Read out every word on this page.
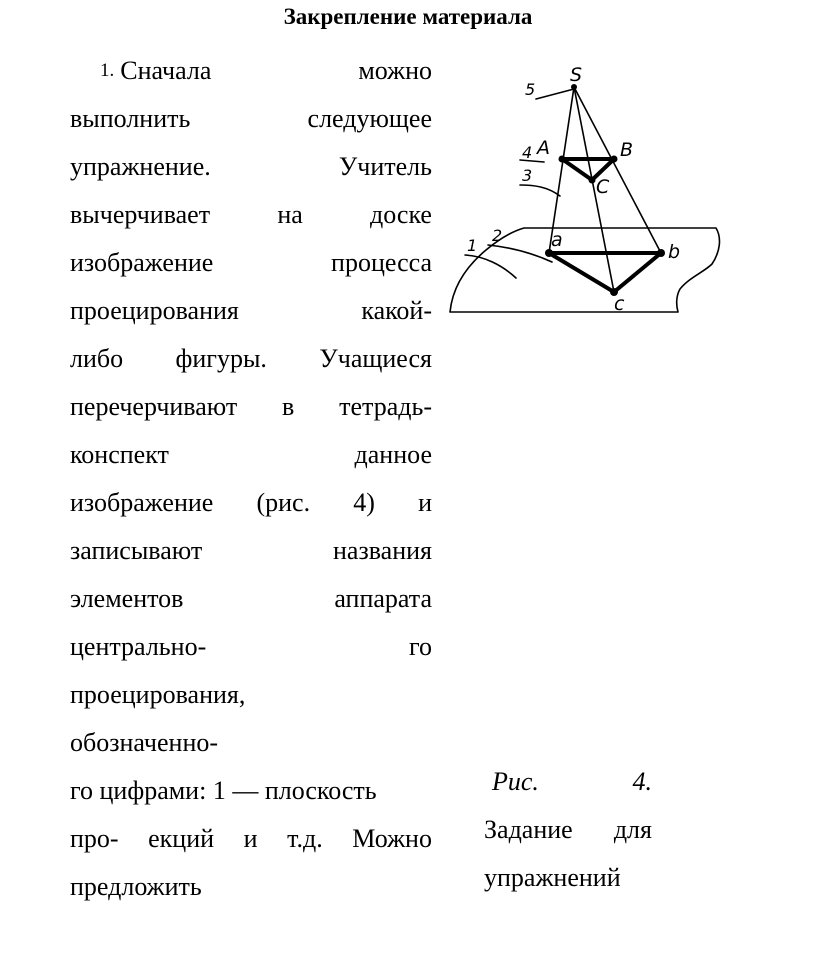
Закрепление материала
1. Сначала	можно
выполнить	следующее
упражнение.	Учитель
вычерчивает	на	доске
изображение	процесса
проецирования	какой-
либо фигуры. Учащиеся
перечерчивают в тетрадь-
конспект	данное
изображение (рис. 4) и
записывают	названия
элементов	аппарата
центрально-	го
проецирования,
обозначенно-
го цифрами: 1 — плоскость
про- екций и т.д. Можно
предложить
S
A	B
C
a
b
c
1
2
3
4
5
Рис.	4.
Задание для
упражнений
